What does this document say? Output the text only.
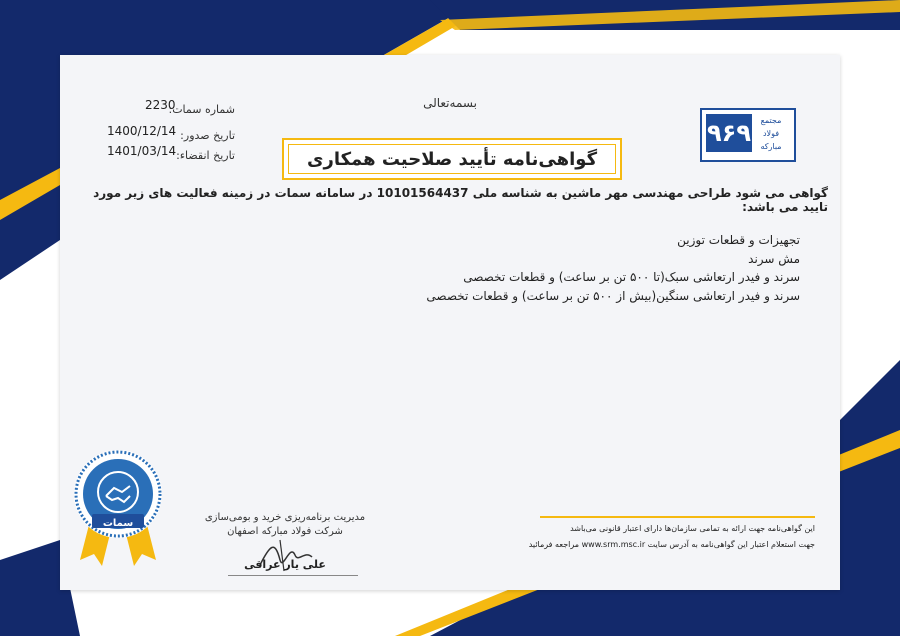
شماره سمات:
2230
تاریخ صدور:
1400/12/14
تاریخ انقضاء:
1401/03/14
بسمه‌تعالی
۹۶۹	مجتمع
فولاد
مبارکه
گواهی‌نامه تأیید صلاحیت همکاری
گواهی می شود طراحی مهندسی مهر ماشین به شناسه ملی 10101564437 در سامانه سمات در زمینه فعالیت های زیر مورد تایید می باشد:
تجهیزات و قطعات توزین
مش سرند
سرند و فیدر ارتعاشی سبک(تا ۵۰۰ تن بر ساعت) و قطعات تخصصی
سرند و فیدر ارتعاشی سنگین(بیش از ۵۰۰ تن بر ساعت) و قطعات تخصصی
این گواهی‌نامه جهت ارائه به تمامی سازمان‌ها دارای اعتبار قانونی می‌باشد
جهت استعلام اعتبار این گواهی‌نامه به آدرس سایت www.srm.msc.ir مراجعه فرمائید
مدیریت برنامه‌ریزی خرید و بومی‌سازی
شرکت فولاد مبارکه اصفهان
علی یار عراقی
سمات
